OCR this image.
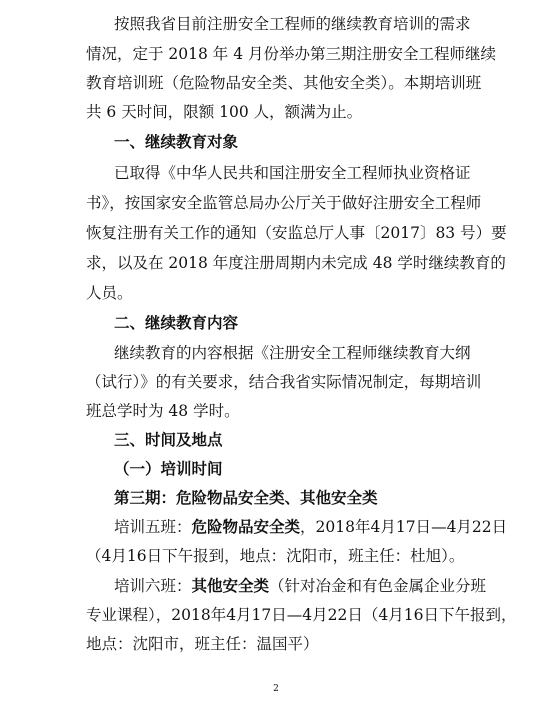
按照我省目前注册安全工程师的继续教育培训的需求
情况，定于 2018 年 4 月份举办第三期注册安全工程师继续
教育培训班（危险物品安全类、其他安全类）。本期培训班
共 6 天时间，限额 100 人，额满为止。
一、继续教育对象
已取得《中华人民共和国注册安全工程师执业资格证
书》，按国家安全监管总局办公厅关于做好注册安全工程师
恢复注册有关工作的通知（安监总厅人事〔2017〕83 号）要
求，以及在 2018 年度注册周期内未完成 48 学时继续教育的
人员。
二、继续教育内容
继续教育的内容根据《注册安全工程师继续教育大纲
（试行）》的有关要求，结合我省实际情况制定，每期培训
班总学时为 48 学时。
三、时间及地点
（一）培训时间
第三期：危险物品安全类、其他安全类
培训五班：危险物品安全类，2018年4月17日—4月22日
（4月16日下午报到，地点：沈阳市，班主任：杜旭）。
培训六班：其他安全类（针对冶金和有色金属企业分班
专业课程），2018年4月17日—4月22日（4月16日下午报到，
地点：沈阳市，班主任：温国平）
2
